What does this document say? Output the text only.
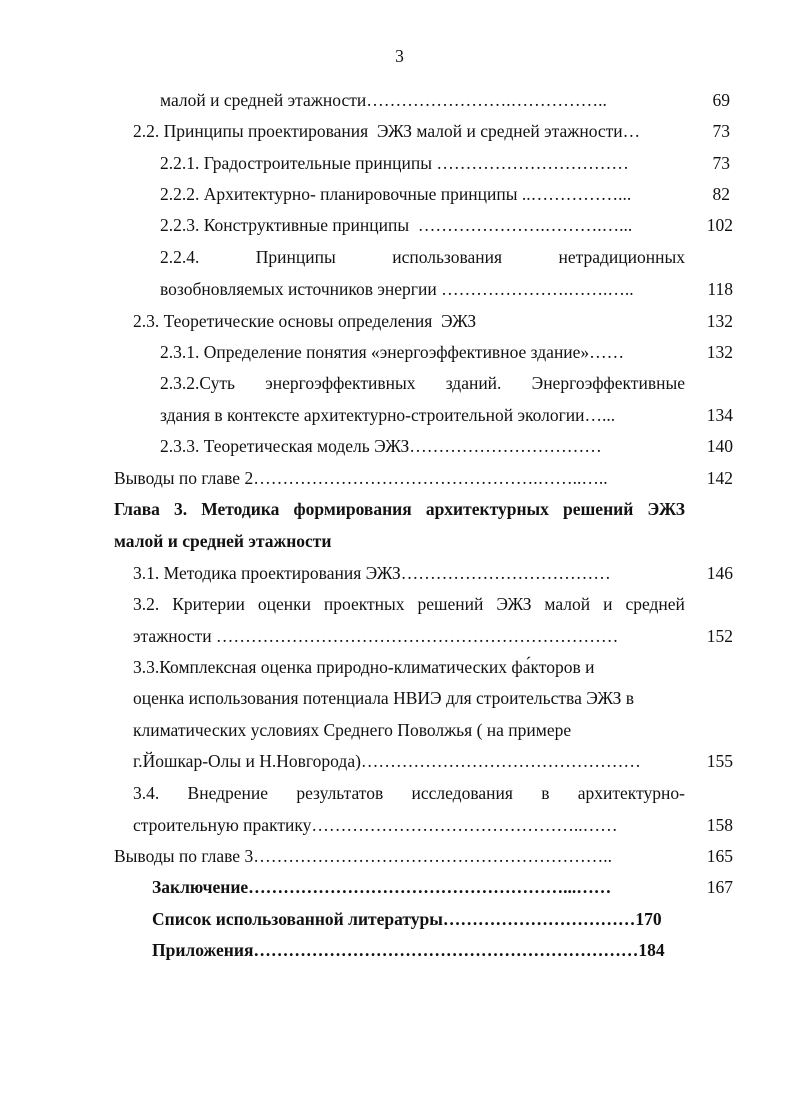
3
малой и средней этажности…………………….……………..	69
2.2. Принципы проектирования  ЭЖЗ малой и средней этажности…	73
2.2.1. Градостроительные принципы ……………………………	73
2.2.2. Архитектурно- планировочные принципы ..……………...	82
2.2.3. Конструктивные принципы  ………………….……….…...	102
2.2.4.	Принципы	использования	нетрадиционных
возобновляемых источников энергии ………………….…….…..	118
2.3. Теоретические основы определения  ЭЖЗ	132
2.3.1. Определение понятия «энергоэффективное здание»……	132
2.3.2.Суть энергоэффективных зданий. Энергоэффективные
здания в контексте архитектурно-строительной экологии…...	134
2.3.3. Теоретическая модель ЭЖЗ……………………………	140
Выводы по главе 2………………………………………….……..…..	142
Глава 3. Методика формирования архитектурных решений ЭЖЗ
малой и средней этажности
3.1. Методика проектирования ЭЖЗ………………………………	146
3.2. Критерии оценки проектных решений ЭЖЗ малой и средней
этажности ……………………………………………………………	152
3.3.Комплексная оценка природно-климатических фа́кторов и
оценка использования потенциала НВИЭ для строительства ЭЖЗ в
климатических условиях Среднего Поволжья ( на примере
г.Йошкар-Олы и Н.Новгорода)…………………………………………	155
3.4. Внедрение результатов исследования в архитектурно-
строительную практику………………………………………..……	158
Выводы по главе 3……………………………………………………..	165
Заключение………………………………………………...……	167
Список использованной литературы……………………………170
Приложения…………………………………………………………184
